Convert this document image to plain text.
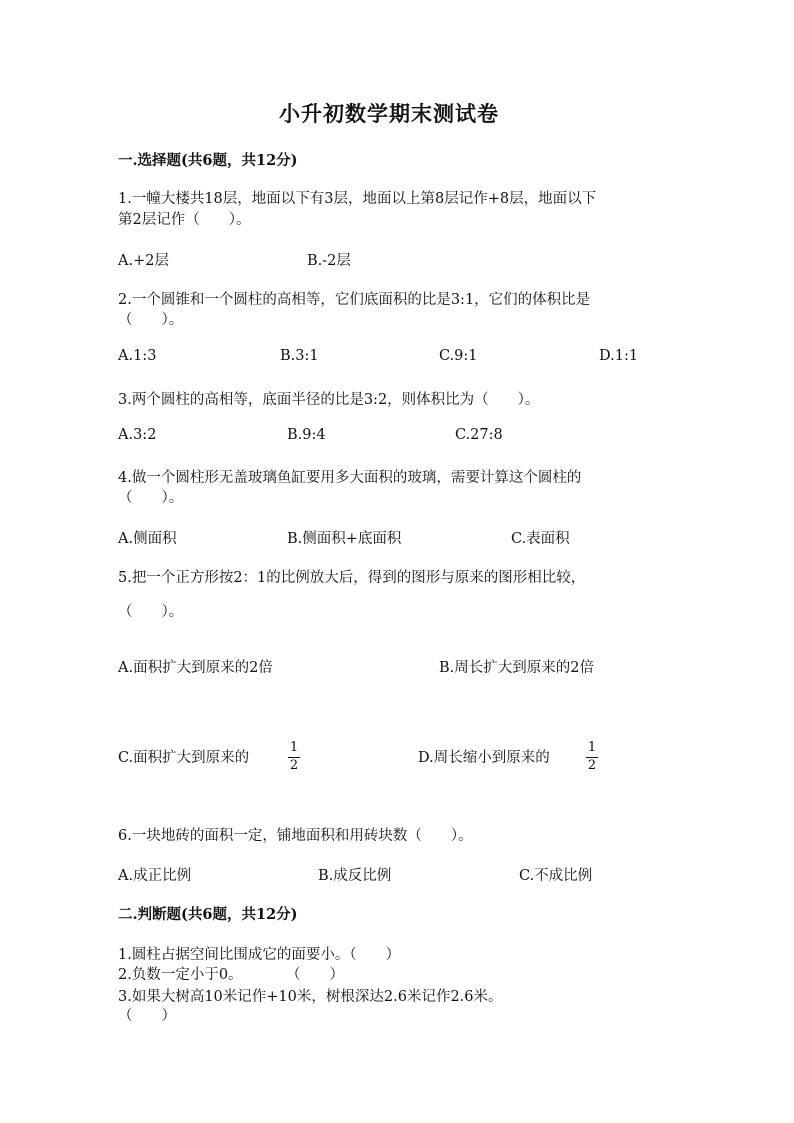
小升初数学期末测试卷
一.选择题(共6题，共12分)
1.一幢大楼共18层，地面以下有3层，地面以上第8层记作+8层，地面以下
第2层记作（　　）。
A.+2层	B.-2层
2.一个圆锥和一个圆柱的高相等，它们底面积的比是3:1，它们的体积比是
（　　）。
A.1:3	B.3:1	C.9:1	D.1:1
3.两个圆柱的高相等，底面半径的比是3:2，则体积比为（　　）。
A.3:2	B.9:4	C.27:8
4.做一个圆柱形无盖玻璃鱼缸要用多大面积的玻璃，需要计算这个圆柱的
（　　）。
A.侧面积	B.侧面积+底面积	C.表面积
5.把一个正方形按2：1的比例放大后，得到的图形与原来的图形相比较，
（　　）。
A.面积扩大到原来的2倍	B.周长扩大到原来的2倍
C.面积扩大到原来的
1
2	D.周长缩小到原来的
1
2
6.一块地砖的面积一定，铺地面积和用砖块数（　　）。
A.成正比例	B.成反比例	C.不成比例
二.判断题(共6题，共12分)
1.圆柱占据空间比围成它的面要小。（　　）
2.负数一定小于0。　　　　（　　）
3.如果大树高10米记作+10米，树根深达2.6米记作2.6米。
（　　）
